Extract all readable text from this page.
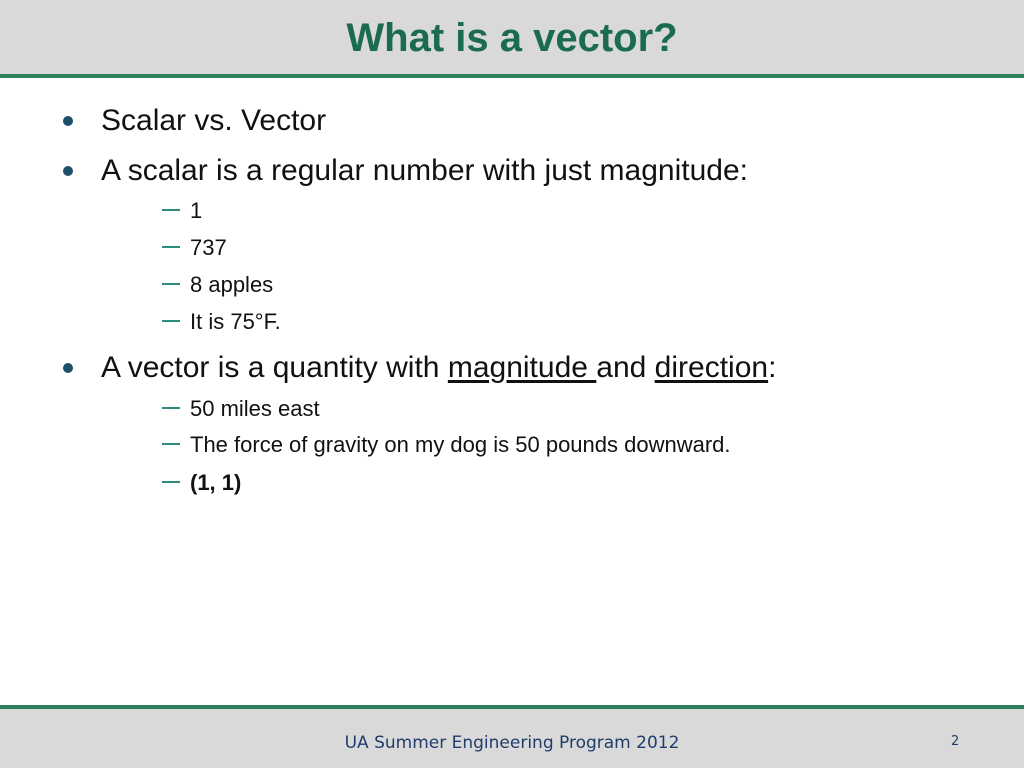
What is a vector?
Scalar vs. Vector
A scalar is a regular number with just magnitude:
1
737
8 apples
It is 75°F.
A vector is a quantity with magnitude and direction:
50 miles east
The force of gravity on my dog is 50 pounds downward.
(1, 1)
UA Summer Engineering Program 2012	2
